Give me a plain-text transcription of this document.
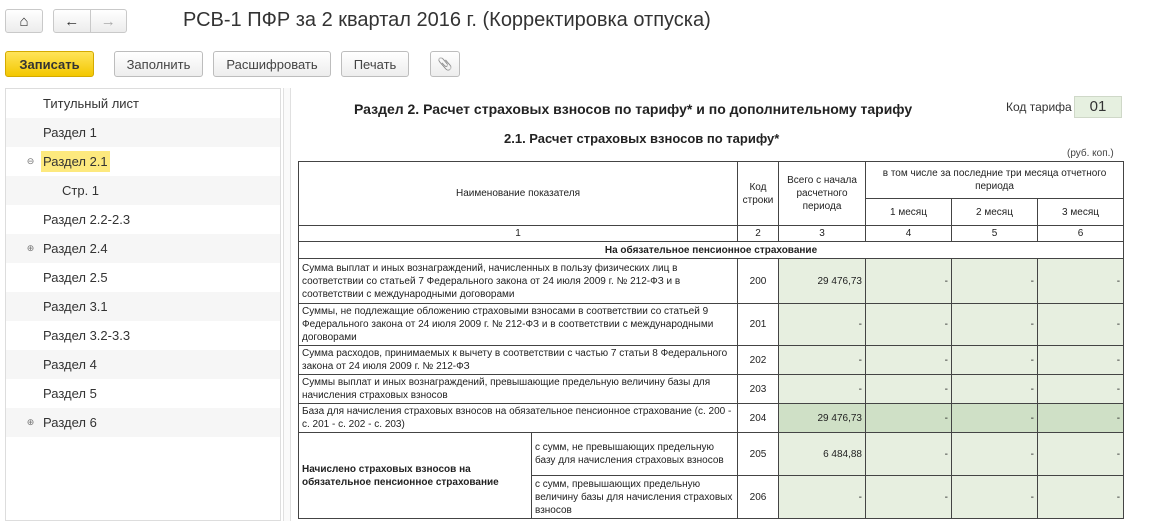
⌂	←	→	РСВ-1 ПФР за 2 квартал 2016 г. (Корректировка отпуска)
Записать	Заполнить	Расшифровать	Печать	📎
Титульный лист
Раздел 1
⊖ Раздел 2.1
Стр. 1
Раздел 2.2-2.3
⊕ Раздел 2.4
Раздел 2.5
Раздел 3.1
Раздел 3.2-3.3
Раздел 4
Раздел 5
⊕ Раздел 6
Раздел 2. Расчет страховых взносов по тарифу* и по дополнительному тарифу	Код тарифа	01
2.1. Расчет страховых взносов по тарифу*
(руб. коп.)
Наименование показателя		Код строки	Всего с начала расчетного периода	в том числе за последние три месяца отчетного периода		
				1 месяц	2 месяц	3 месяц
1		2	3	4	5	6
На обязательное пенсионное страхование						
Сумма выплат и иных вознаграждений, начисленных в пользу физических лиц в соответствии со статьей 7 Федерального закона от 24 июля 2009 г. № 212-ФЗ и в соответствии с международными договорами		200	29 476,73	-	-	-
Суммы, не подлежащие обложению страховыми взносами в соответствии со статьей 9 Федерального закона от 24 июля 2009 г. № 212-ФЗ и в соответствии с международными договорами		201	-	-	-	-
Сумма расходов, принимаемых к вычету в соответствии с частью 7 статьи 8 Федерального закона от 24 июля 2009 г. № 212-ФЗ		202	-	-	-	-
Суммы выплат и иных вознаграждений, превышающие предельную величину базы для начисления страховых взносов		203	-	-	-	-
База для начисления страховых взносов на обязательное пенсионное страхование (с. 200 - с. 201 - с. 202 - с. 203)		204	29 476,73	-	-	-
Начислено страховых взносов на обязательное пенсионное страхование	с сумм, не превышающих предельную базу для начисления страховых взносов	205	6 484,88	-	-	-
	с сумм, превышающих предельную величину базы для начисления страховых взносов	206	-	-	-	-
